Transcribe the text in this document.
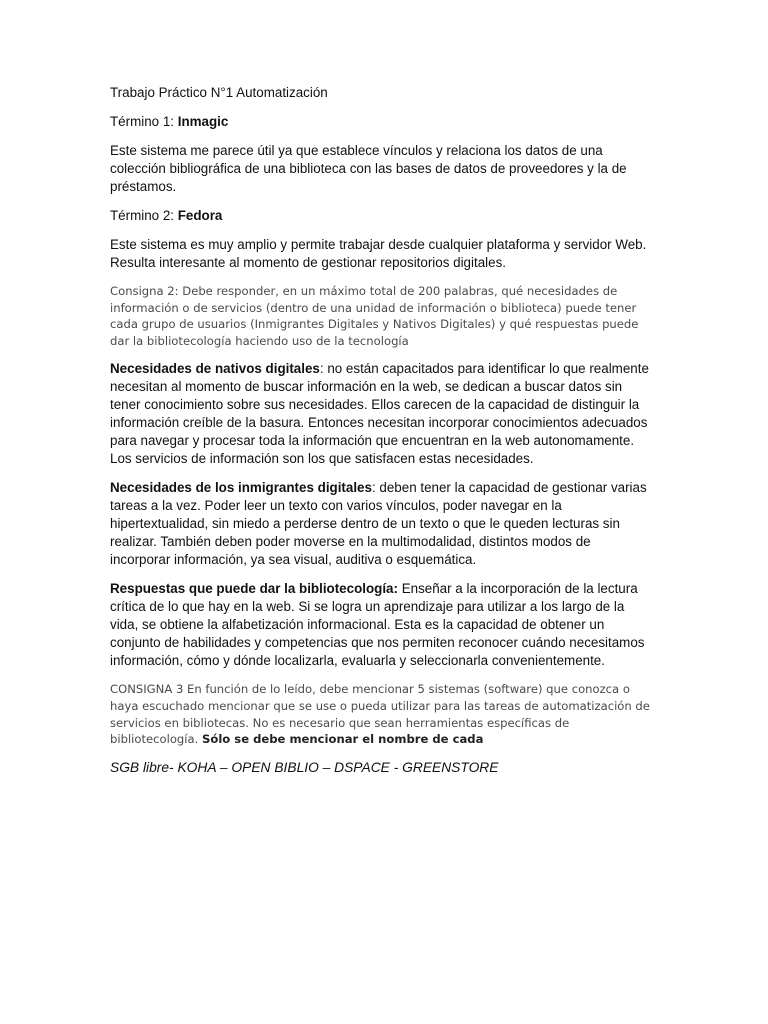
Trabajo Práctico N°1 Automatización

Término 1: Inmagic

Este sistema me parece útil ya que establece vínculos y relaciona los datos de una colección bibliográfica de una biblioteca con las bases de datos de proveedores y la de préstamos.

Término 2: Fedora

Este sistema es muy amplio y permite trabajar desde cualquier plataforma y servidor Web. Resulta interesante al momento de gestionar repositorios digitales.

Consigna 2: Debe responder, en un máximo total de 200 palabras, qué necesidades de información o de servicios (dentro de una unidad de información o biblioteca) puede tener cada grupo de usuarios (Inmigrantes Digitales y Nativos Digitales) y qué respuestas puede dar la bibliotecología haciendo uso de la tecnología

Necesidades de nativos digitales: no están capacitados para identificar lo que realmente necesitan al momento de buscar información en la web, se dedican a buscar datos sin tener conocimiento sobre sus necesidades. Ellos carecen de la capacidad de distinguir la información creíble de la basura. Entonces necesitan incorporar conocimientos adecuados para navegar y procesar toda la información que encuentran en la web autonomamente. Los servicios de información son los que satisfacen estas necesidades.

Necesidades de los inmigrantes digitales: deben tener la capacidad de gestionar varias tareas a la vez. Poder leer un texto con varios vínculos, poder navegar en la hipertextualidad, sin miedo a perderse dentro de un texto o que le queden lecturas sin realizar. También deben poder moverse en la multimodalidad, distintos modos de incorporar información, ya sea visual, auditiva o esquemática.

Respuestas que puede dar la bibliotecología: Enseñar a la incorporación de la lectura crítica de lo que hay en la web. Si se logra un aprendizaje para utilizar a los largo de la vida, se obtiene la alfabetización informacional. Esta es la capacidad de obtener un conjunto de habilidades y competencias que nos permiten reconocer cuándo necesitamos información, cómo y dónde localizarla, evaluarla y seleccionarla convenientemente.

CONSIGNA 3 En función de lo leído, debe mencionar 5 sistemas (software) que conozca o haya escuchado mencionar que se use o pueda utilizar para las tareas de automatización de servicios en bibliotecas. No es necesario que sean herramientas específicas de bibliotecología. Sólo se debe mencionar el nombre de cada

SGB libre- KOHA – OPEN BIBLIO – DSPACE - GREENSTORE
